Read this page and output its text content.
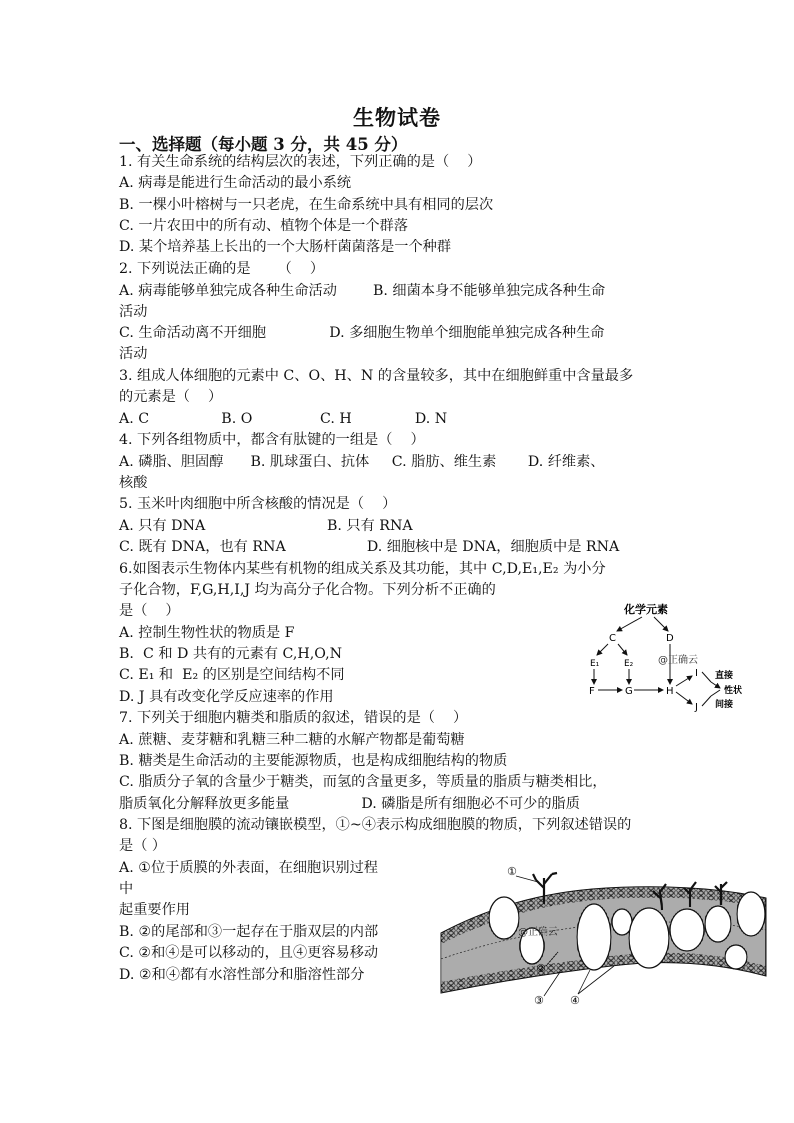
生物试卷
一、选择题（每小题 3 分，共 45 分）
1. 有关生命系统的结构层次的表述，下列正确的是（    ）
A. 病毒是能进行生命活动的最小系统
B. 一棵小叶榕树与一只老虎，在生命系统中具有相同的层次
C. 一片农田中的所有动、植物个体是一个群落
D. 某个培养基上长出的一个大肠杆菌菌落是一个种群
2. 下列说法正确的是      （    ）
A. 病毒能够单独完成各种生命活动        B. 细菌本身不能够单独完成各种生命
活动
C. 生命活动离不开细胞              D. 多细胞生物单个细胞能单独完成各种生命
活动
3. 组成人体细胞的元素中 C、O、H、N 的含量较多，其中在细胞鲜重中含量最多
的元素是（    ）
A. C                B. O               C. H              D. N
4. 下列各组物质中，都含有肽键的一组是（    ）
A. 磷脂、胆固醇      B. 肌球蛋白、抗体     C. 脂肪、维生素       D. 纤维素、
核酸
5. 玉米叶肉细胞中所含核酸的情况是（    ）
A. 只有 DNA                           B. 只有 RNA
C. 既有 DNA，也有 RNA                  D. 细胞核中是 DNA，细胞质中是 RNA
6.如图表示生物体内某些有机物的组成关系及其功能，其中 C,D,E₁,E₂ 为小分
子化合物，F,G,H,I,J 均为高分子化合物。下列分析不正确的
是（    ）
A. 控制生物性状的物质是 F
B.  C 和 D 共有的元素有 C,H,O,N
C. E₁ 和  E₂ 的区别是空间结构不同
D. J 具有改变化学反应速率的作用
7. 下列关于细胞内糖类和脂质的叙述，错误的是（    ）
A. 蔗糖、麦芽糖和乳糖三种二糖的水解产物都是葡萄糖
B. 糖类是生命活动的主要能源物质，也是构成细胞结构的物质
C. 脂质分子氧的含量少于糖类，而氢的含量更多，等质量的脂质与糖类相比，
脂质氧化分解释放更多能量                D. 磷脂是所有细胞必不可少的脂质
8. 下图是细胞膜的流动镶嵌模型，①~④表示构成细胞膜的物质，下列叙述错误的
是（ ）
A. ①位于质膜的外表面，在细胞识别过程
中
起重要作用
B. ②的尾部和③一起存在于脂双层的内部
C. ②和④是可以移动的，且④更容易移动
D. ②和④都有水溶性部分和脂溶性部分
化学元素
C	D
E₁	E₂ @正确云
F	G	H
I
J
直接
性状
间接
①
②
③ ④
@正确云
